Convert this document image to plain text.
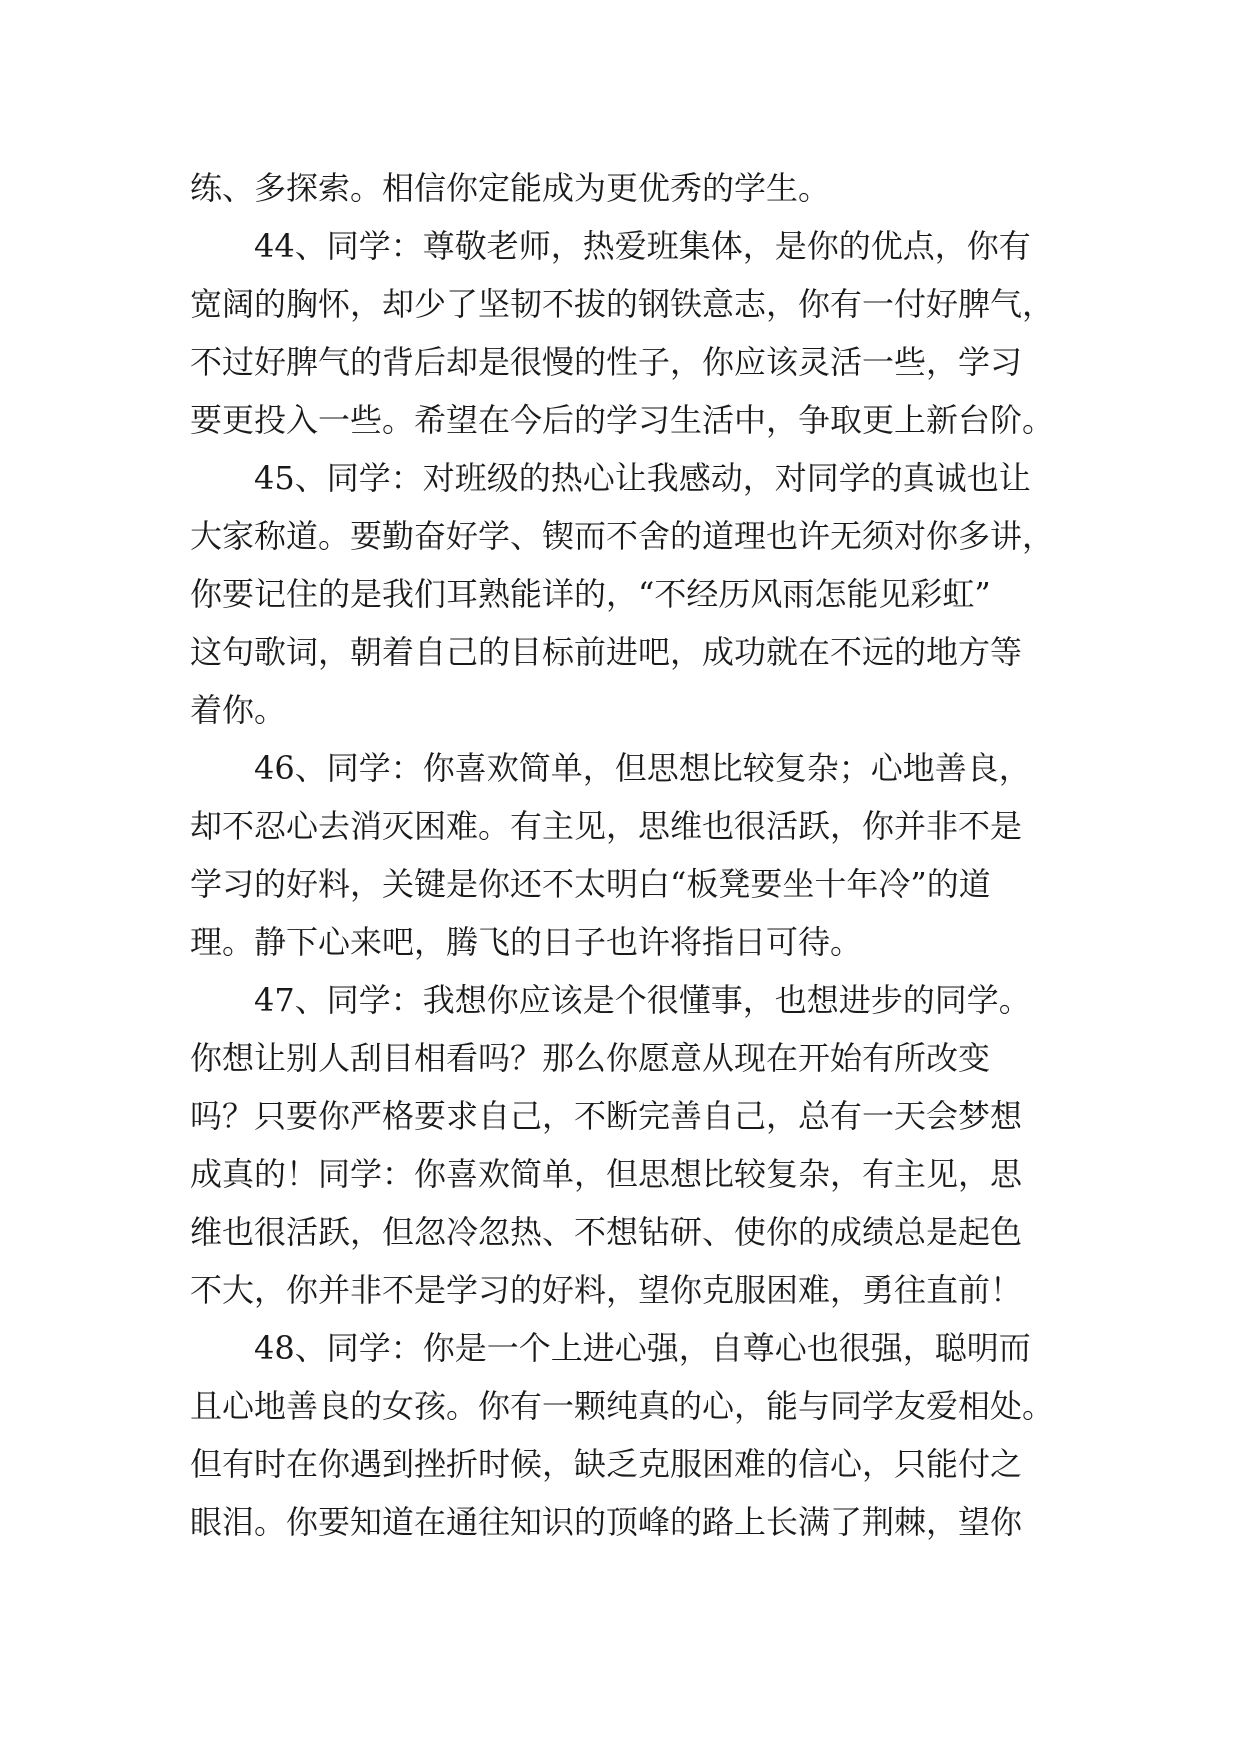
练、多探索。相信你定能成为更优秀的学生。
44、同学：尊敬老师，热爱班集体，是你的优点，你有
宽阔的胸怀，却少了坚韧不拔的钢铁意志，你有一付好脾气，
不过好脾气的背后却是很慢的性子，你应该灵活一些，学习
要更投入一些。希望在今后的学习生活中，争取更上新台阶。
45、同学：对班级的热心让我感动，对同学的真诚也让
大家称道。要勤奋好学、锲而不舍的道理也许无须对你多讲，
你要记住的是我们耳熟能详的，“不经历风雨怎能见彩虹”
这句歌词，朝着自己的目标前进吧，成功就在不远的地方等
着你。
46、同学：你喜欢简单，但思想比较复杂；心地善良，
却不忍心去消灭困难。有主见，思维也很活跃，你并非不是
学习的好料，关键是你还不太明白“板凳要坐十年冷”的道
理。静下心来吧，腾飞的日子也许将指日可待。
47、同学：我想你应该是个很懂事，也想进步的同学。
你想让别人刮目相看吗？那么你愿意从现在开始有所改变
吗？只要你严格要求自己，不断完善自己，总有一天会梦想
成真的！同学：你喜欢简单，但思想比较复杂，有主见，思
维也很活跃，但忽冷忽热、不想钻研、使你的成绩总是起色
不大，你并非不是学习的好料，望你克服困难，勇往直前！
48、同学：你是一个上进心强，自尊心也很强，聪明而
且心地善良的女孩。你有一颗纯真的心，能与同学友爱相处。
但有时在你遇到挫折时候，缺乏克服困难的信心，只能付之
眼泪。你要知道在通往知识的顶峰的路上长满了荆棘，望你
